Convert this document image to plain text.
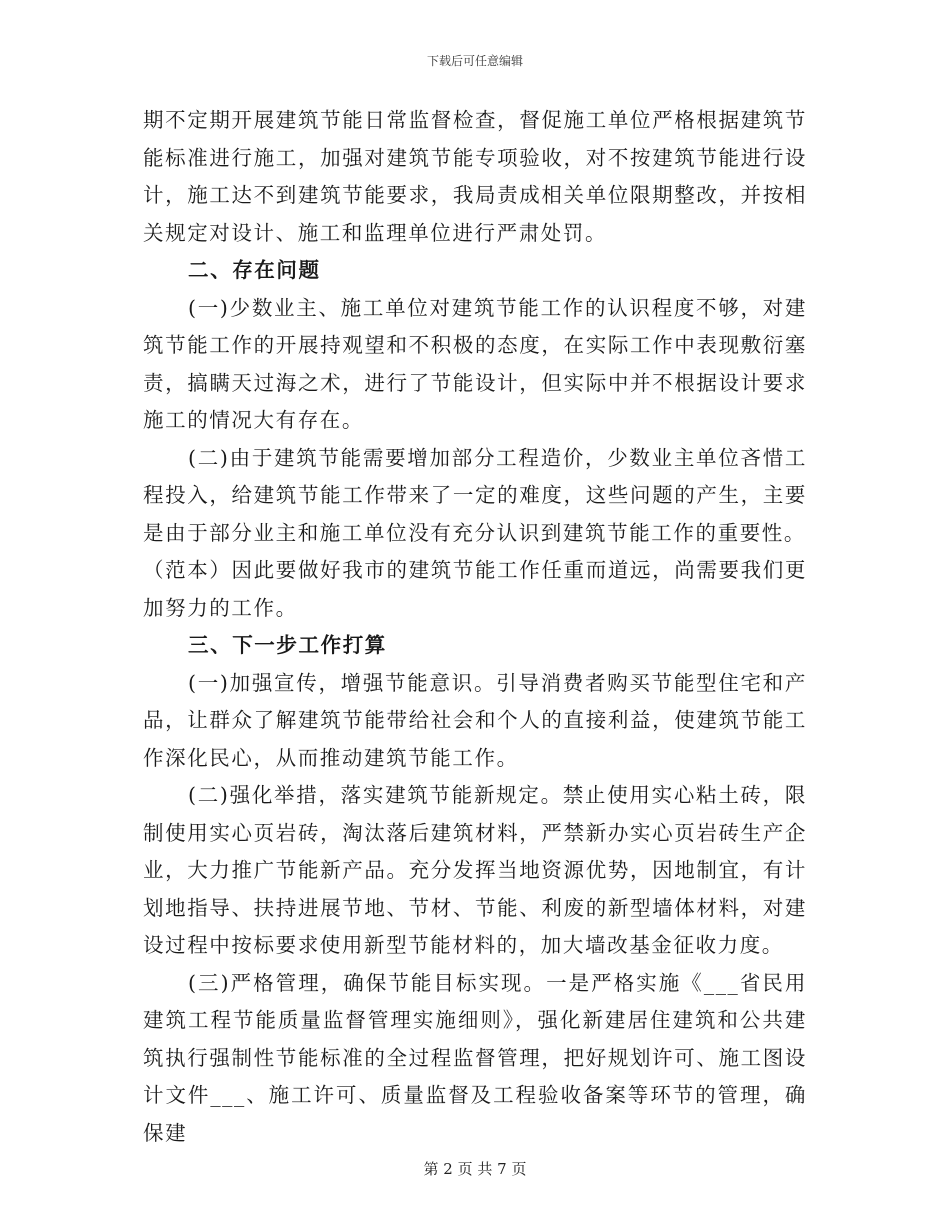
下载后可任意编辑

期不定期开展建筑节能日常监督检查，督促施工单位严格根据建筑节能标准进行施工，加强对建筑节能专项验收，对不按建筑节能进行设计，施工达不到建筑节能要求，我局责成相关单位限期整改，并按相关规定对设计、施工和监理单位进行严肃处罚。

二、存在问题

(一)少数业主、施工单位对建筑节能工作的认识程度不够，对建筑节能工作的开展持观望和不积极的态度，在实际工作中表现敷衍塞责，搞瞒天过海之术，进行了节能设计，但实际中并不根据设计要求施工的情况大有存在。

(二)由于建筑节能需要增加部分工程造价，少数业主单位吝惜工程投入，给建筑节能工作带来了一定的难度，这些问题的产生，主要是由于部分业主和施工单位没有充分认识到建筑节能工作的重要性。

（范本）因此要做好我市的建筑节能工作任重而道远，尚需要我们更加努力的工作。

三、下一步工作打算

(一)加强宣传，增强节能意识。引导消费者购买节能型住宅和产品，让群众了解建筑节能带给社会和个人的直接利益，使建筑节能工作深化民心，从而推动建筑节能工作。

(二)强化举措，落实建筑节能新规定。禁止使用实心粘土砖，限制使用实心页岩砖，淘汰落后建筑材料，严禁新办实心页岩砖生产企业，大力推广节能新产品。充分发挥当地资源优势，因地制宜，有计划地指导、扶持进展节地、节材、节能、利废的新型墙体材料，对建设过程中按标要求使用新型节能材料的，加大墙改基金征收力度。

(三)严格管理，确保节能目标实现。一是严格实施《___省民用建筑工程节能质量监督管理实施细则》，强化新建居住建筑和公共建筑执行强制性节能标准的全过程监督管理，把好规划许可、施工图设计文件___、施工许可、质量监督及工程验收备案等环节的管理，确保建

第 2 页 共 7 页
